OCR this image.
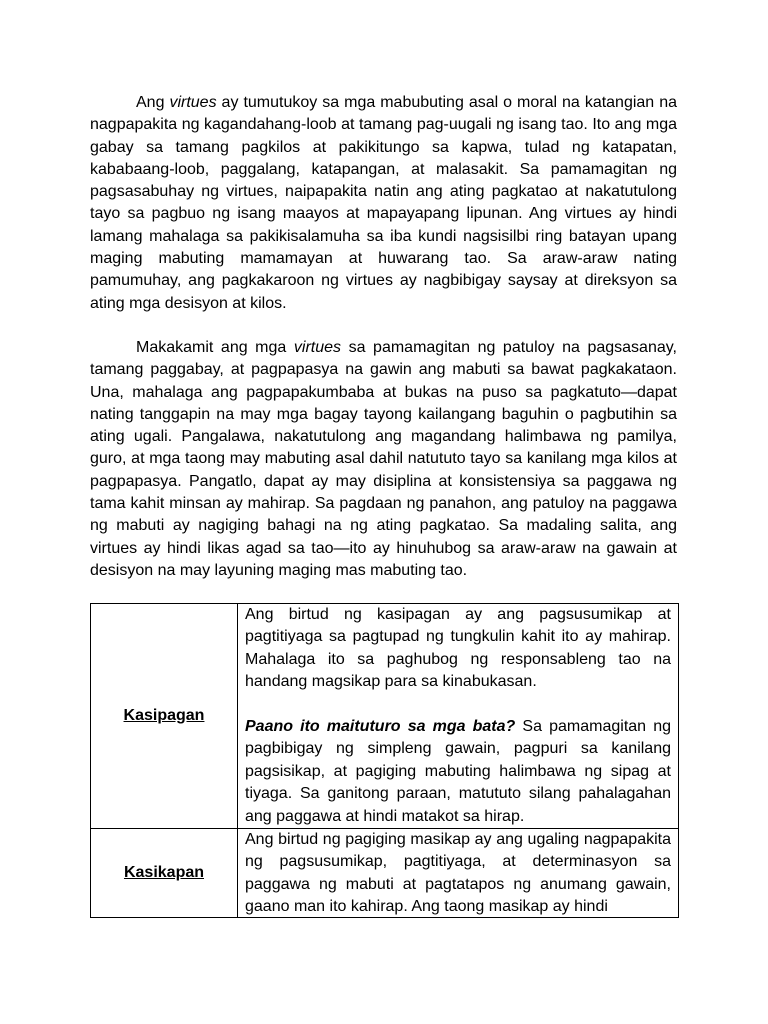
Ang virtues ay tumutukoy sa mga mabubuting asal o moral na katangian na nagpapakita ng kagandahang-loob at tamang pag-uugali ng isang tao. Ito ang mga gabay sa tamang pagkilos at pakikitungo sa kapwa, tulad ng katapatan, kababaang-loob, paggalang, katapangan, at malasakit. Sa pamamagitan ng pagsasabuhay ng virtues, naipapakita natin ang ating pagkatao at nakatutulong tayo sa pagbuo ng isang maayos at mapayapang lipunan. Ang virtues ay hindi lamang mahalaga sa pakikisalamuha sa iba kundi nagsisilbi ring batayan upang maging mabuting mamamayan at huwarang tao. Sa araw-araw nating pamumuhay, ang pagkakaroon ng virtues ay nagbibigay saysay at direksyon sa ating mga desisyon at kilos.

Makakamit ang mga virtues sa pamamagitan ng patuloy na pagsasanay, tamang paggabay, at pagpapasya na gawin ang mabuti sa bawat pagkakataon. Una, mahalaga ang pagpapakumbaba at bukas na puso sa pagkatuto—dapat nating tanggapin na may mga bagay tayong kailangang baguhin o pagbutihin sa ating ugali. Pangalawa, nakatutulong ang magandang halimbawa ng pamilya, guro, at mga taong may mabuting asal dahil natututo tayo sa kanilang mga kilos at pagpapasya. Pangatlo, dapat ay may disiplina at konsistensiya sa paggawa ng tama kahit minsan ay mahirap. Sa pagdaan ng panahon, ang patuloy na paggawa ng mabuti ay nagiging bahagi na ng ating pagkatao. Sa madaling salita, ang virtues ay hindi likas agad sa tao—ito ay hinuhubog sa araw-araw na gawain at desisyon na may layuning maging mas mabuting tao.

Kasipagan	Ang birtud ng kasipagan ay ang pagsusumikap at pagtitiyaga sa pagtupad ng tungkulin kahit ito ay mahirap. Mahalaga ito sa paghubog ng responsableng tao na handang magsikap para sa kinabukasan.

Paano ito maituturo sa mga bata? Sa pamamagitan ng pagbibigay ng simpleng gawain, pagpuri sa kanilang pagsisikap, at pagiging mabuting halimbawa ng sipag at tiyaga. Sa ganitong paraan, matututo silang pahalagahan ang paggawa at hindi matakot sa hirap.

Kasikapan	Ang birtud ng pagiging masikap ay ang ugaling nagpapakita ng pagsusumikap, pagtitiyaga, at determinasyon sa paggawa ng mabuti at pagtatapos ng anumang gawain, gaano man ito kahirap. Ang taong masikap ay hindi
